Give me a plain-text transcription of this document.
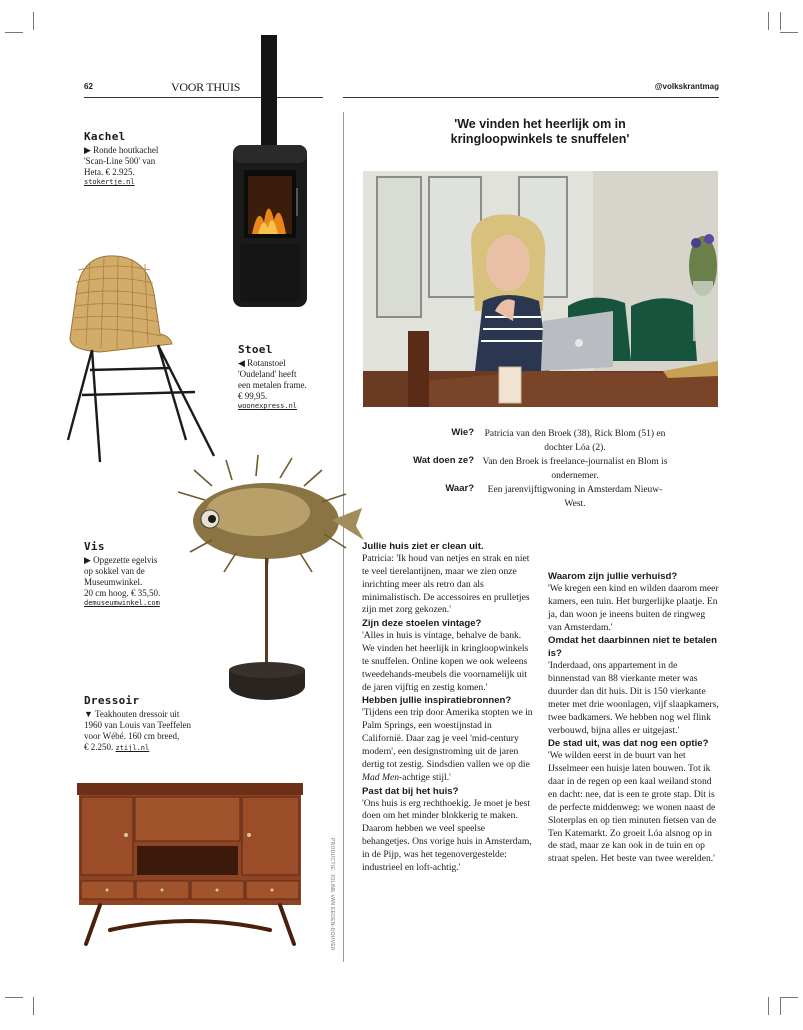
62	VOOR THUIS	@volkskrantmag
Kachel

▶ Ronde houtkachel

'Scan-Line 500' van

Heta. € 2.925.

stokertje.nl

Stoel

◀ Rotanstoel

'Oudeland' heeft

een metalen frame.

€ 99,95.

woonexpress.nl

Vis

▶ Opgezette egelvis

op sokkel van de

Museumwinkel.

20 cm hoog. € 35,50.

demuseumwinkel.com

Dressoir

▼ Teakhouten dressoir uit

1960 van Louis van Teeffelen

voor Wébé. 160 cm breed,

€ 2.250. ztijl.nl

PRODUCTIE: JOLINE VAN EEDEN-DOUVER
'We vinden het heerlijk om in kringloopwinkels te snuffelen'
Wie?	Patricia van den Broek (38), Rick Blom (51) en dochter Lóa (2).
Wat doen ze? Van den Broek is freelance-journalist en Blom is ondernemer.
Waar?	Een jarenvijftigwoning in Amsterdam Nieuw-West.

Jullie huis ziet er clean uit.

Patricia: 'Ik houd van netjes en strak en niet te veel tierelantijnen, maar we zien onze inrichting meer als retro dan als minimalistisch. De accessoires en prulletjes zijn met zorg gekozen.'

Zijn deze stoelen vintage?

'Alles in huis is vintage, behalve de bank. We vinden het heerlijk in kringloopwinkels te snuffelen. Online kopen we ook weleens tweedehands-meubels die voornamelijk uit de jaren vijftig en zestig komen.'

Hebben jullie inspiratiebronnen?

'Tijdens een trip door Amerika stopten we in Palm Springs, een woestijnstad in Californië. Daar zag je veel 'mid-century modern', een designstroming uit de jaren dertig tot zestig. Sindsdien vallen we op die Mad Men-achtige stijl.'

Past dat bij het huis?

'Ons huis is erg rechthoekig. Je moet je best doen om het minder blokkerig te maken. Daarom hebben we veel speelse behangetjes. Ons vorige huis in Amsterdam, in de Pijp, was het tegenovergestelde: industrieel en loft-achtig.'

Waarom zijn jullie verhuisd?

'We kregen een kind en wilden daarom meer kamers, een tuin. Het burgerlijke plaatje. En ja, dan woon je ineens buiten de ringweg van Amsterdam.'

Omdat het daarbinnen niet te betalen is?

'Inderdaad, ons appartement in de binnenstad van 88 vierkante meter was duurder dan dit huis. Dit is 150 vierkante meter met drie woonlagen, vijf slaapkamers, twee badkamers. We hebben nog wel flink verbouwd, bijna alles er uitgejast.'

De stad uit, was dat nog een optie?

'We wilden eerst in de buurt van het IJsselmeer een huisje laten bouwen. Tot ik daar in de regen op een kaal weiland stond en dacht: nee, dat is een te grote stap. Dit is de perfecte middenweg: we wonen naast de Sloterplas en op tien minuten fietsen van de Ten Katemarkt. Zo groeit Lóa alsnog op in de stad, maar ze kan ook in de tuin en op straat spelen. Het beste van twee werelden.'
